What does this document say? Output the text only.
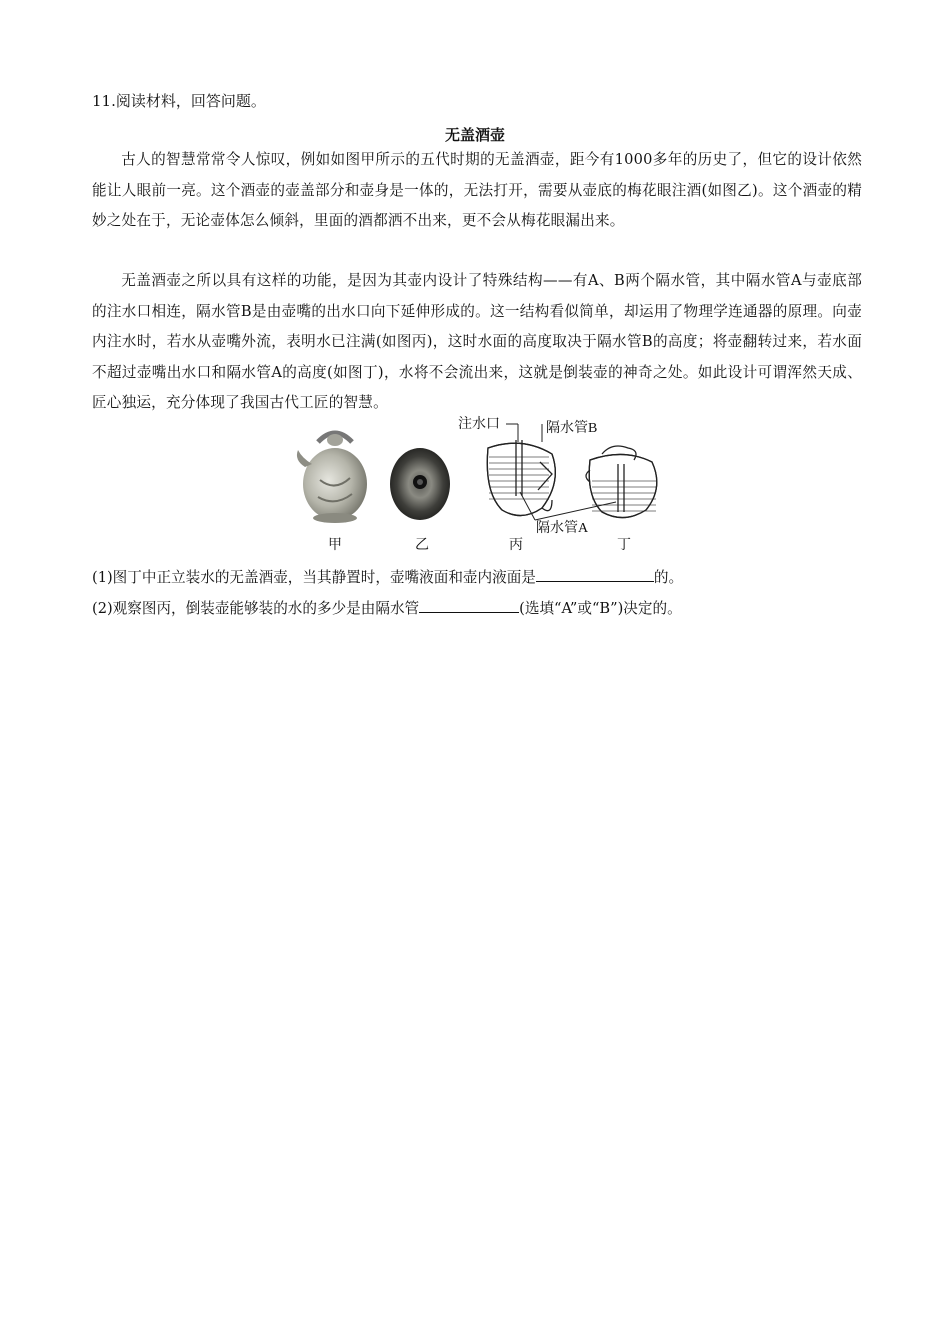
11.阅读材料，回答问题。
无盖酒壶

古人的智慧常常令人惊叹，例如如图甲所示的五代时期的无盖酒壶，距今有1000多年的历史了，但它的设计依然能让人眼前一亮。这个酒壶的壶盖部分和壶身是一体的，无法打开，需要从壶底的梅花眼注酒(如图乙)。这个酒壶的精妙之处在于，无论壶体怎么倾斜，里面的酒都洒不出来，更不会从梅花眼漏出来。

无盖酒壶之所以具有这样的功能，是因为其壶内设计了特殊结构——有A、B两个隔水管，其中隔水管A与壶底部的注水口相连，隔水管B是由壶嘴的出水口向下延伸形成的。这一结构看似简单，却运用了物理学连通器的原理。向壶内注水时，若水从壶嘴外流，表明水已注满(如图丙)，这时水面的高度取决于隔水管B的高度；将壶翻转过来，若水面不超过壶嘴出水口和隔水管A的高度(如图丁)，水将不会流出来，这就是倒装壶的神奇之处。如此设计可谓浑然天成、匠心独运，充分体现了我国古代工匠的智慧。

注水口	隔水管B
隔水管A
甲	乙	丙	丁
(1)图丁中正立装水的无盖酒壶，当其静置时，壶嘴液面和壶内液面是	的。
(2)观察图丙，倒装壶能够装的水的多少是由隔水管	(选填“A”或“B”)决定的。
